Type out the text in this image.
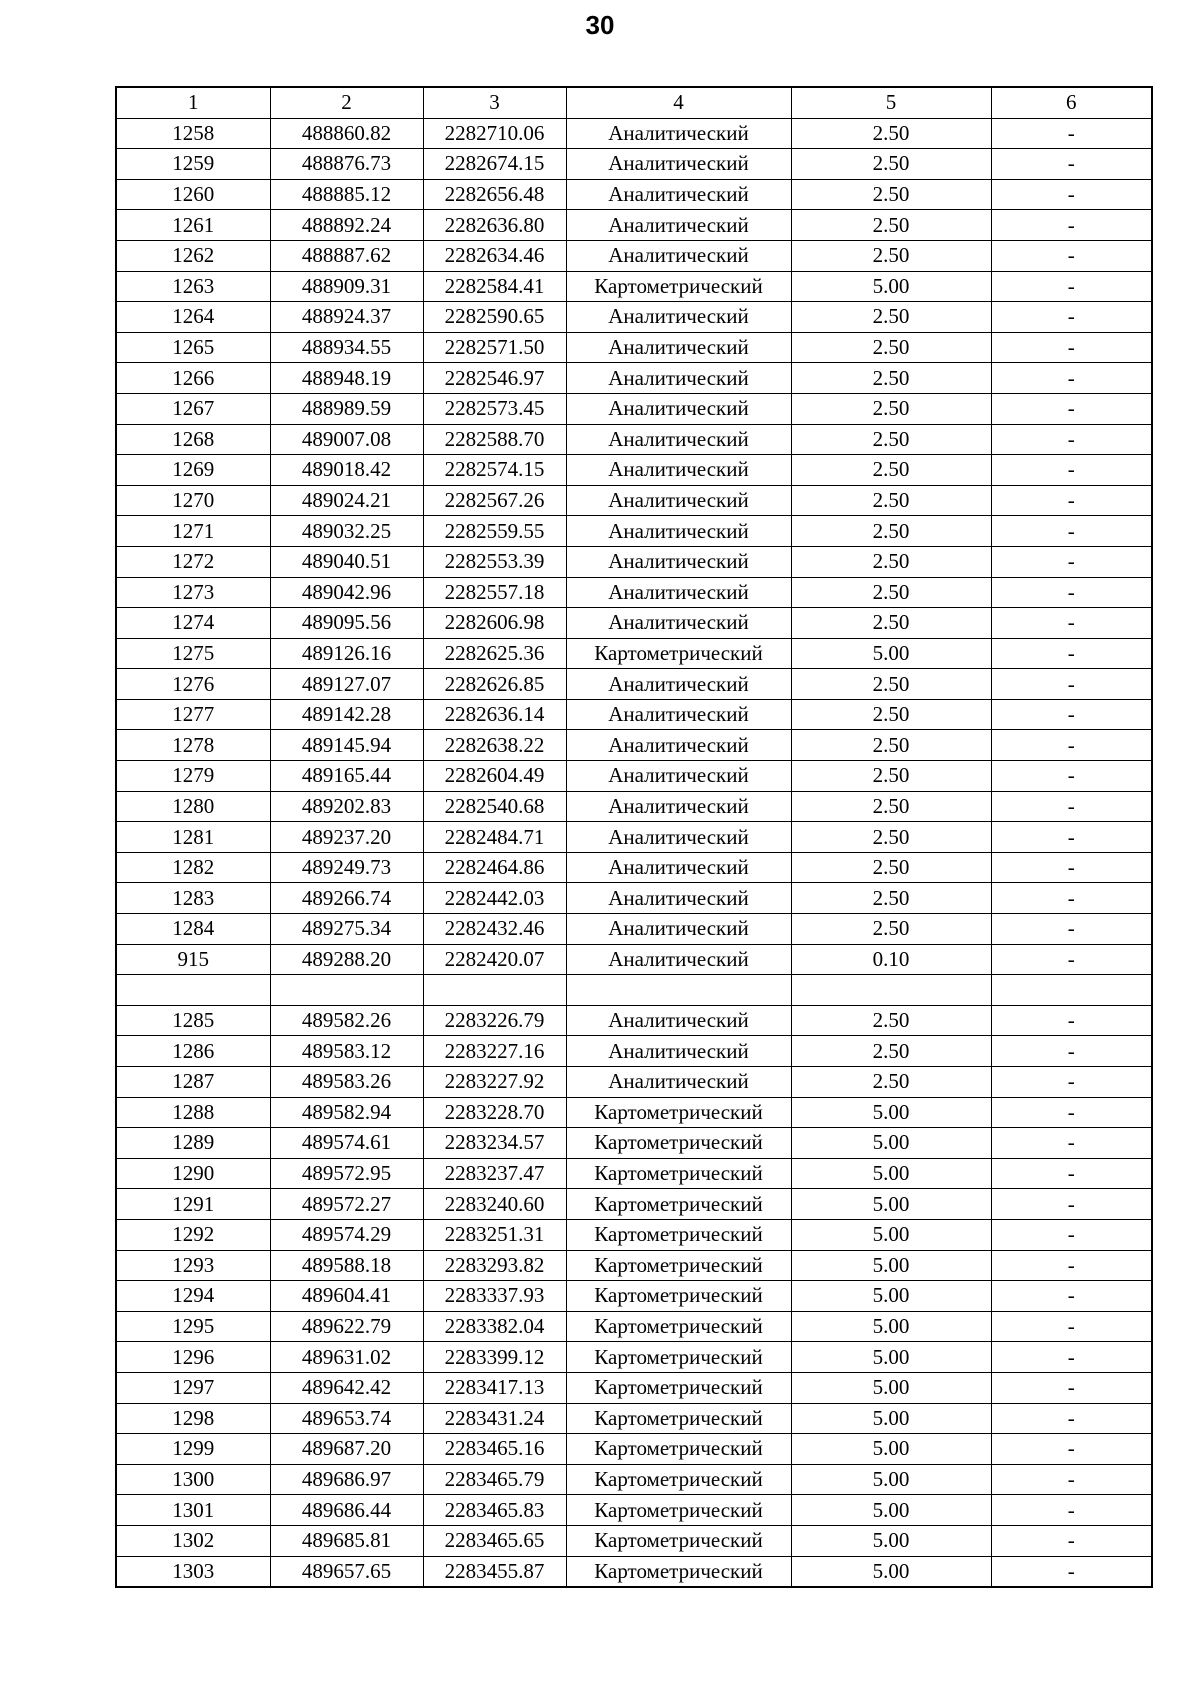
30
1	2	3	4	5	6
1258	488860.82	2282710.06	Аналитический	2.50	-
1259	488876.73	2282674.15	Аналитический	2.50	-
1260	488885.12	2282656.48	Аналитический	2.50	-
1261	488892.24	2282636.80	Аналитический	2.50	-
1262	488887.62	2282634.46	Аналитический	2.50	-
1263	488909.31	2282584.41	Картометрический	5.00	-
1264	488924.37	2282590.65	Аналитический	2.50	-
1265	488934.55	2282571.50	Аналитический	2.50	-
1266	488948.19	2282546.97	Аналитический	2.50	-
1267	488989.59	2282573.45	Аналитический	2.50	-
1268	489007.08	2282588.70	Аналитический	2.50	-
1269	489018.42	2282574.15	Аналитический	2.50	-
1270	489024.21	2282567.26	Аналитический	2.50	-
1271	489032.25	2282559.55	Аналитический	2.50	-
1272	489040.51	2282553.39	Аналитический	2.50	-
1273	489042.96	2282557.18	Аналитический	2.50	-
1274	489095.56	2282606.98	Аналитический	2.50	-
1275	489126.16	2282625.36	Картометрический	5.00	-
1276	489127.07	2282626.85	Аналитический	2.50	-
1277	489142.28	2282636.14	Аналитический	2.50	-
1278	489145.94	2282638.22	Аналитический	2.50	-
1279	489165.44	2282604.49	Аналитический	2.50	-
1280	489202.83	2282540.68	Аналитический	2.50	-
1281	489237.20	2282484.71	Аналитический	2.50	-
1282	489249.73	2282464.86	Аналитический	2.50	-
1283	489266.74	2282442.03	Аналитический	2.50	-
1284	489275.34	2282432.46	Аналитический	2.50	-
915	489288.20	2282420.07	Аналитический	0.10	-

1285	489582.26	2283226.79	Аналитический	2.50	-
1286	489583.12	2283227.16	Аналитический	2.50	-
1287	489583.26	2283227.92	Аналитический	2.50	-
1288	489582.94	2283228.70	Картометрический	5.00	-
1289	489574.61	2283234.57	Картометрический	5.00	-
1290	489572.95	2283237.47	Картометрический	5.00	-
1291	489572.27	2283240.60	Картометрический	5.00	-
1292	489574.29	2283251.31	Картометрический	5.00	-
1293	489588.18	2283293.82	Картометрический	5.00	-
1294	489604.41	2283337.93	Картометрический	5.00	-
1295	489622.79	2283382.04	Картометрический	5.00	-
1296	489631.02	2283399.12	Картометрический	5.00	-
1297	489642.42	2283417.13	Картометрический	5.00	-
1298	489653.74	2283431.24	Картометрический	5.00	-
1299	489687.20	2283465.16	Картометрический	5.00	-
1300	489686.97	2283465.79	Картометрический	5.00	-
1301	489686.44	2283465.83	Картометрический	5.00	-
1302	489685.81	2283465.65	Картометрический	5.00	-
1303	489657.65	2283455.87	Картометрический	5.00	-
